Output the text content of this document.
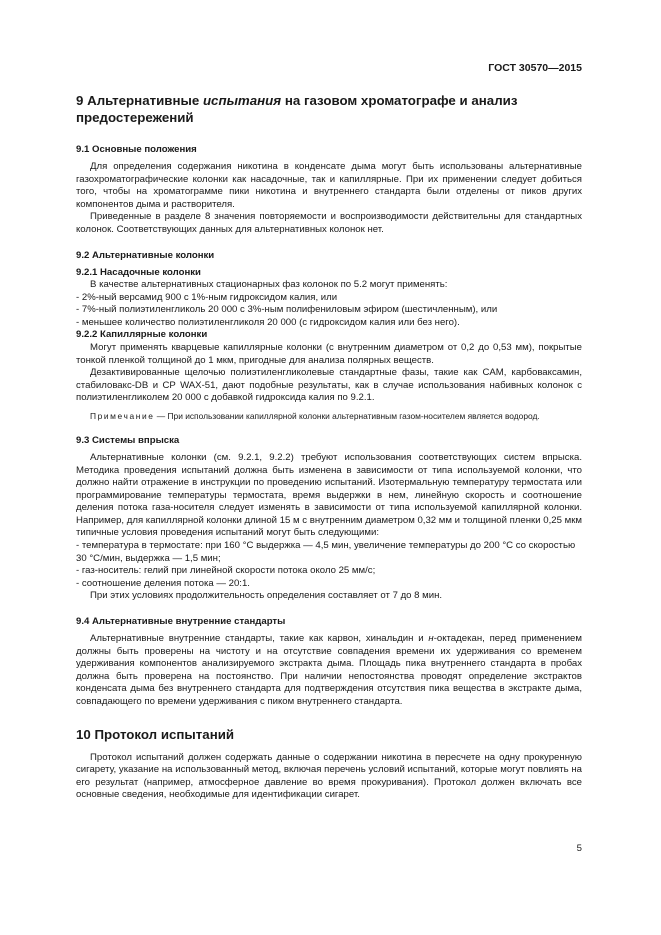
ГОСТ 30570—2015
9 Альтернативные испытания на газовом хроматографе и анализ предостережений
9.1 Основные положения

Для определения содержания никотина в конденсате дыма могут быть использованы альтернативные газохроматографические колонки как насадочные, так и капиллярные. При их применении следует добиться того, чтобы на хроматограмме пики никотина и внутреннего стандарта были отделены от пиков других компонентов дыма и растворителя.

Приведенные в разделе 8 значения повторяемости и воспроизводимости действительны для стандартных колонок. Соответствующих данных для альтернативных колонок нет.

9.2 Альтернативные колонки
9.2.1 Насадочные колонки

В качестве альтернативных стационарных фаз колонок по 5.2 могут применять:

- 2%-ный версамид 900 с 1%-ным гидроксидом калия, или

- 7%-ный полиэтиленгликоль 20 000 с 3%-ным полифениловым эфиром (шестичленным), или

- меньшее количество полиэтиленгликоля 20 000 (с гидроксидом калия или без него).

9.2.2 Капиллярные колонки

Могут применять кварцевые капиллярные колонки (с внутренним диаметром от 0,2 до 0,53 мм), покрытые тонкой пленкой толщиной до 1 мкм, пригодные для анализа полярных веществ.

Дезактивированные щелочью полиэтиленгликолевые стандартные фазы, такие как CAM, карбоваксамин, стабиловакс-DB и CP WAX-51, дают подобные результаты, как в случае использования набивных колонок с полиэтиленгликолем 20 000 с добавкой гидроксида калия по 9.2.1.

Примечание — При использовании капиллярной колонки альтернативным газом-носителем является водород.

9.3 Системы впрыска

Альтернативные колонки (см. 9.2.1, 9.2.2) требуют использования соответствующих систем впрыска. Методика проведения испытаний должна быть изменена в зависимости от типа используемой колонки, что должно найти отражение в инструкции по проведению испытаний. Изотермальную температуру термостата или программирование температуры термостата, время выдержки в нем, линейную скорость и соотношение деления потока газа-носителя следует изменять в зависимости от типа используемой капиллярной колонки. Например, для капиллярной колонки длиной 15 м с внутренним диаметром 0,32 мм и толщиной пленки 0,25 мкм типичные условия проведения испытаний могут быть следующими:

- температура в термостате: при 160 °С выдержка — 4,5 мин, увеличение температуры до 200 °С со скоростью 30 °С/мин, выдержка — 1,5 мин;

- газ-носитель: гелий при линейной скорости потока около 25 мм/с;

- соотношение деления потока — 20:1.

При этих условиях продолжительность определения составляет от 7 до 8 мин.

9.4 Альтернативные внутренние стандарты

Альтернативные внутренние стандарты, такие как карвон, хинальдин и н-октадекан, перед применением должны быть проверены на чистоту и на отсутствие совпадения времени их удерживания со временем удерживания компонентов анализируемого экстракта дыма. Площадь пика внутреннего стандарта в пробах должна быть проверена на постоянство. При наличии непостоянства проводят определение экстрактов конденсата дыма без внутреннего стандарта для подтверждения отсутствия пика вещества в экстракте дыма, совпадающего по времени удерживания с пиком внутреннего стандарта.

10 Протокол испытаний

Протокол испытаний должен содержать данные о содержании никотина в пересчете на одну прокуренную сигарету, указание на использованный метод, включая перечень условий испытаний, которые могут повлиять на его результат (например, атмосферное давление во время прокуривания). Протокол должен включать все основные сведения, необходимые для идентификации сигарет.

5
